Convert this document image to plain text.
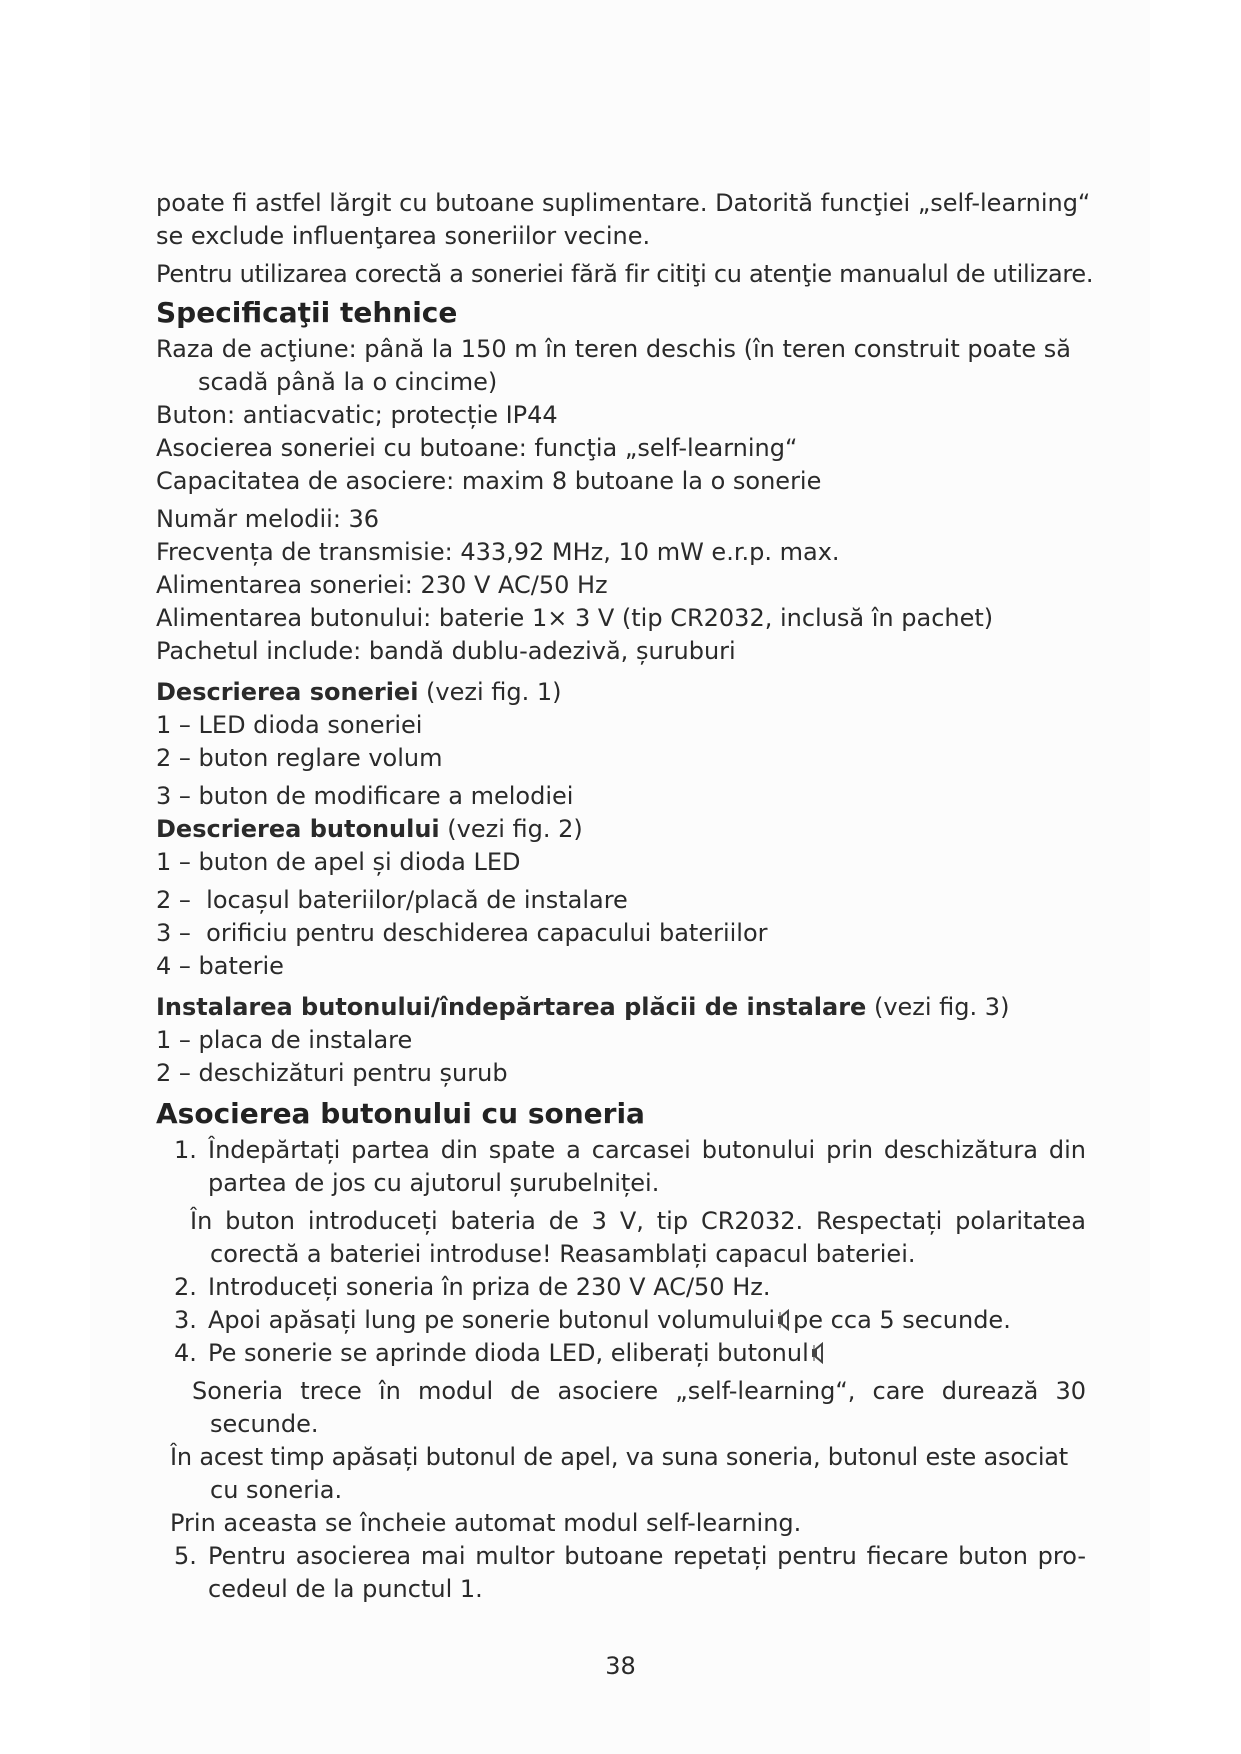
poate fi astfel lărgit cu butoane suplimentare. Datorită funcţiei „self-learning“

se exclude influenţarea soneriilor vecine.

Pentru utilizarea corectă a soneriei fără fir citiţi cu atenţie manualul de utilizare.

Specificaţii tehnice

Raza de acţiune: până la 150 m în teren deschis (în teren construit poate să

scadă până la o cincime)

Buton: antiacvatic; protecție IP44

Asocierea soneriei cu butoane: funcţia „self-learning“

Capacitatea de asociere: maxim 8 butoane la o sonerie

Număr melodii: 36

Frecvența de transmisie: 433,92 MHz, 10 mW e.r.p. max.

Alimentarea soneriei: 230 V AC/50 Hz

Alimentarea butonului: baterie 1× 3 V (tip CR2032, inclusă în pachet)

Pachetul include: bandă dublu-adezivă, șuruburi

Descrierea soneriei (vezi fig. 1)

1 – LED dioda soneriei

2 – buton reglare volum

3 – buton de modificare a melodiei

Descrierea butonului (vezi fig. 2)

1 – buton de apel și dioda LED

2 –  locașul bateriilor/placă de instalare

3 –  orificiu pentru deschiderea capacului bateriilor

4 – baterie

Instalarea butonului/îndepărtarea plăcii de instalare (vezi fig. 3)

1 – placa de instalare

2 – deschizături pentru șurub

Asocierea butonului cu soneria
1. Îndepărtați partea din spate a carcasei butonului prin deschizătura din

partea de jos cu ajutorul șurubelniței.

În buton introduceți bateria de 3 V, tip CR2032. Respectați polaritatea

corectă a bateriei introduse! Reasamblați capacul bateriei.

2. Introduceți soneria în priza de 230 V AC/50 Hz.

3. Apoi apăsați lung pe sonerie butonul volumului pe cca 5 secunde.

4. Pe sonerie se aprinde dioda LED, eliberați butonul

Soneria trece în modul de asociere „self-learning“, care durează 30

secunde.

În acest timp apăsați butonul de apel, va suna soneria, butonul este asociat

cu soneria.

Prin aceasta se încheie automat modul self-learning.

5. Pentru asocierea mai multor butoane repetați pentru fiecare buton pro-

cedeul de la punctul 1.

38
